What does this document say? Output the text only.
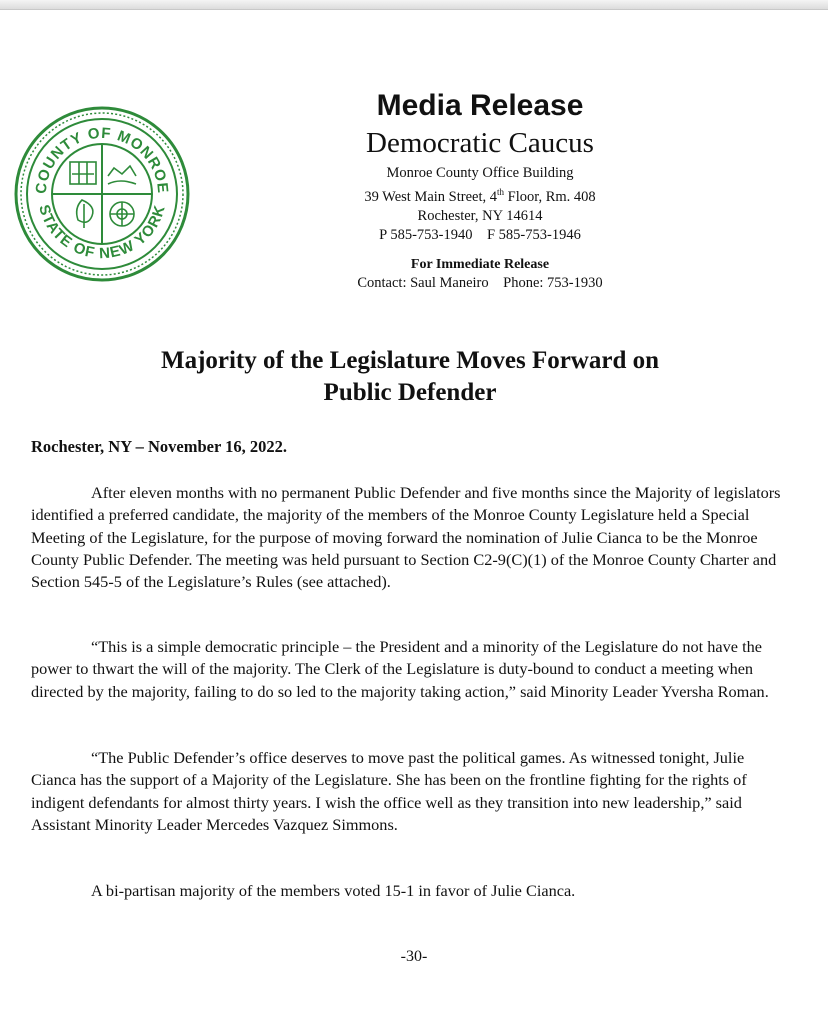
COUNTY OF MONROE
STATE OF NEW YORK

Media Release

Democratic Caucus

Monroe County Office Building

39 West Main Street, 4th Floor, Rm. 408

Rochester, NY 14614

P 585-753-1940    F 585-753-1946

For Immediate Release
Contact: Saul Maneiro    Phone: 753-1930
Majority of the Legislature Moves Forward on
Public Defender
Rochester, NY – November 16, 2022.

After eleven months with no permanent Public Defender and five months since the Majority of legislators identified a preferred candidate, the majority of the members of the Monroe County Legislature held a Special Meeting of the Legislature, for the purpose of moving forward the nomination of Julie Cianca to be the Monroe County Public Defender. The meeting was held pursuant to Section C2-9(C)(1) of the Monroe County Charter and Section 545-5 of the Legislature’s Rules (see attached).

“This is a simple democratic principle – the President and a minority of the Legislature do not have the power to thwart the will of the majority. The Clerk of the Legislature is duty-bound to conduct a meeting when directed by the majority, failing to do so led to the majority taking action,” said Minority Leader Yversha Roman.

“The Public Defender’s office deserves to move past the political games. As witnessed tonight, Julie Cianca has the support of a Majority of the Legislature. She has been on the frontline fighting for the rights of indigent defendants for almost thirty years. I wish the office well as they transition into new leadership,” said Assistant Minority Leader Mercedes Vazquez Simmons.

A bi-partisan majority of the members voted 15-1 in favor of Julie Cianca.

-30-
